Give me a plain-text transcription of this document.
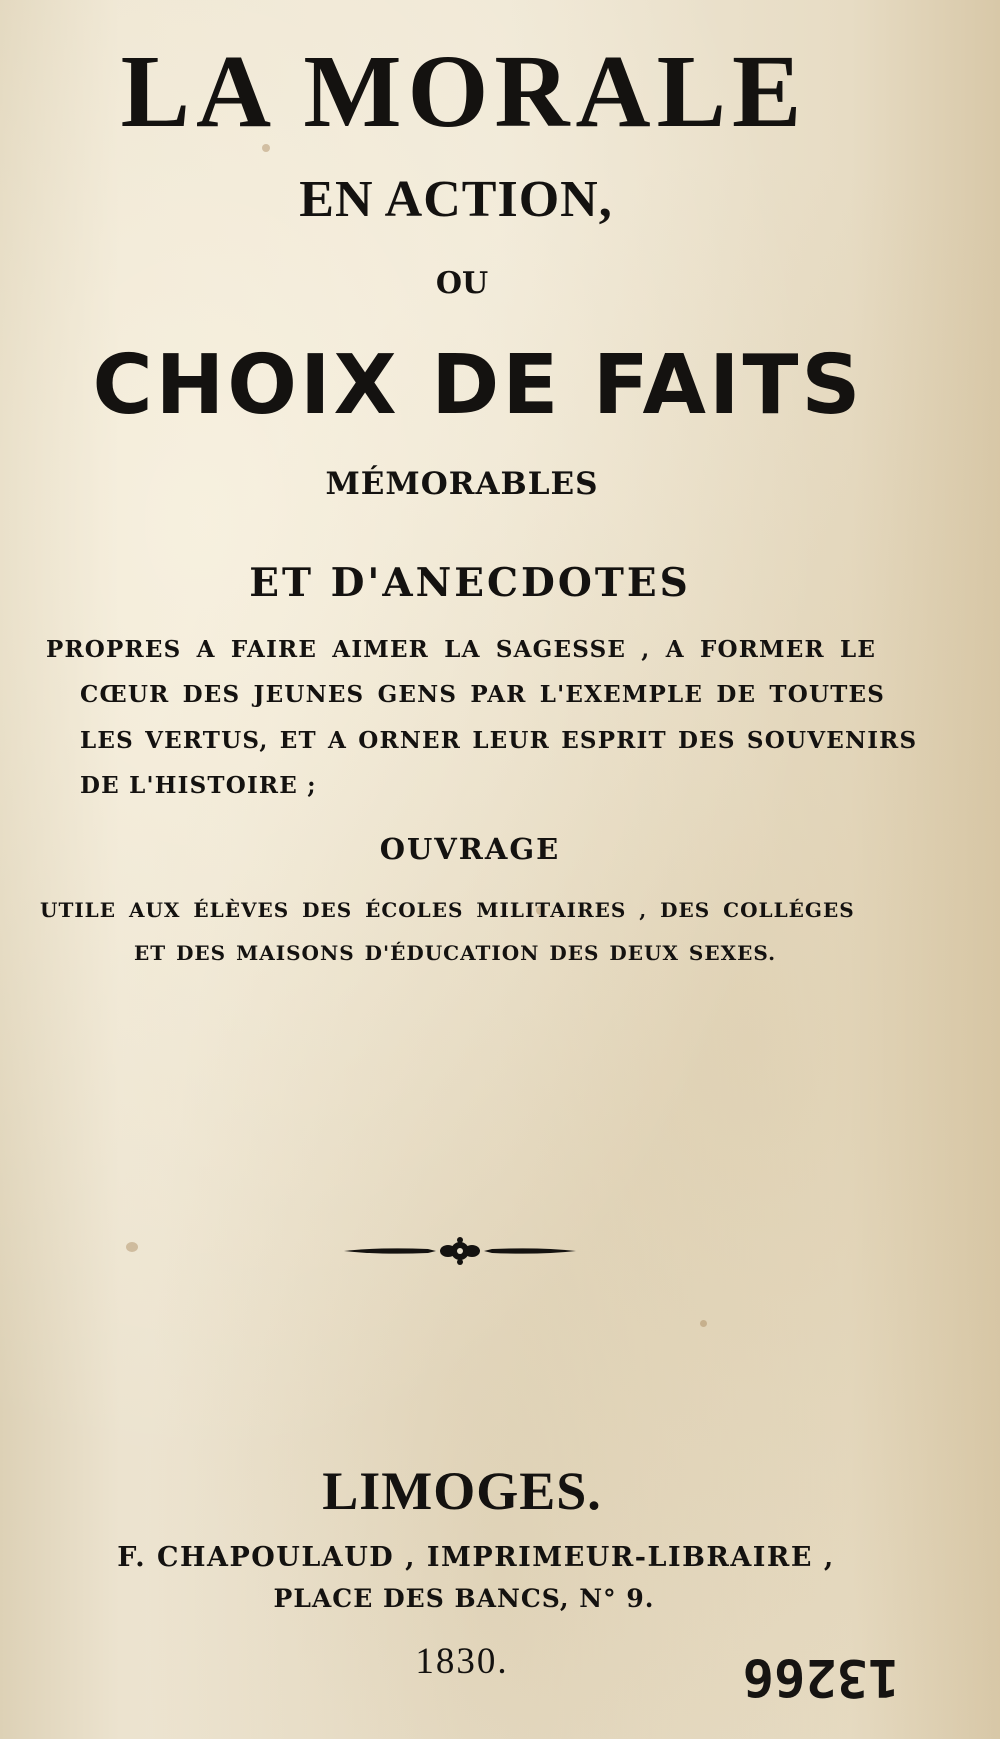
LA MORALE
EN ACTION,

OU

CHOIX DE FAITS

MÉMORABLES

ET D'ANECDOTES

PROPRES A FAIRE AIMER LA SAGESSE , A FORMER LE

CŒUR DES JEUNES GENS PAR L'EXEMPLE DE TOUTES

LES VERTUS, ET A ORNER LEUR ESPRIT DES SOUVENIRS

DE L'HISTOIRE ;

OUVRAGE

UTILE AUX ÉLÈVES DES ÉCOLES MILITAIRES , DES COLLÉGES

ET DES MAISONS D'ÉDUCATION DES DEUX SEXES.

LIMOGES.

F. CHAPOULAUD , IMPRIMEUR-LIBRAIRE ,

PLACE DES BANCS, N° 9.

1830.	13266
